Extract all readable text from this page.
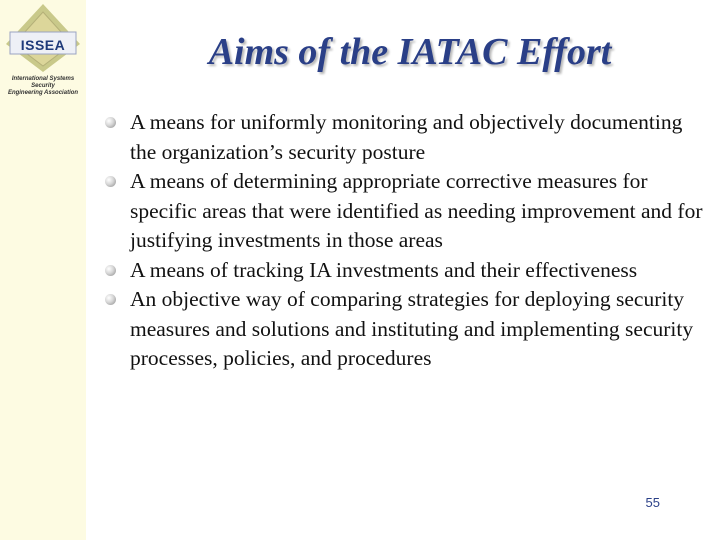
ISSEA
International Systems Security
Engineering Association
Aims of the IATAC Effort
A means for uniformly monitoring and objectively documenting the organization’s security posture
A means of determining appropriate corrective measures for specific areas that were identified as needing improvement and for justifying investments in those areas
A means of tracking IA investments and their effectiveness
An objective way of comparing strategies for deploying security measures and solutions and instituting and implementing security processes, policies, and procedures
55
